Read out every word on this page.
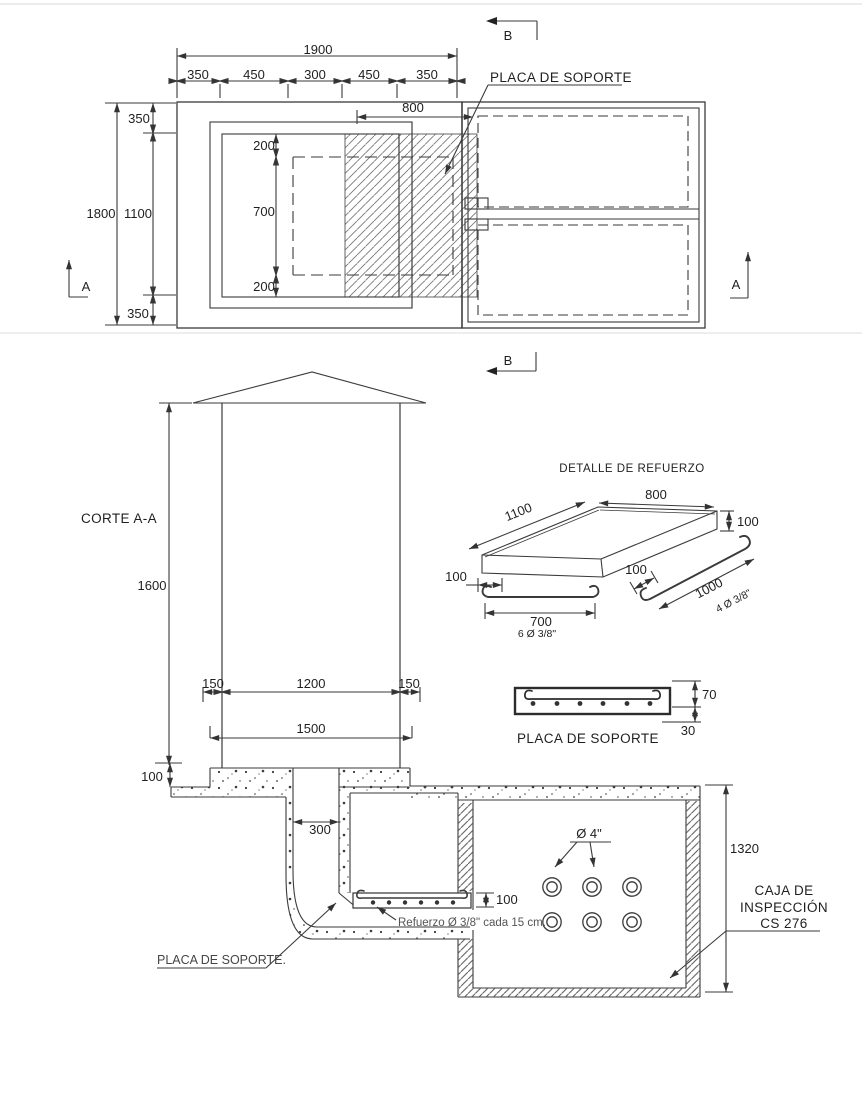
1900
350	450	300 450	350
1800
350
1100
350
800
200
700
200
PLACA DE SOPORTE
B
B
A	A
CORTE A-A
1600
150	1200	150
1500
100
300
100
Ø 4"
1320
CAJA DE
INSPECCIÓN
CS 276
Refuerzo Ø 3/8" cada 15 cm.
PLACA DE SOPORTE.
DETALLE DE REFUERZO
1100
800
100
100
700
6 Ø 3/8"
100
1000
4 Ø 3/8"
70
30
PLACA DE SOPORTE
